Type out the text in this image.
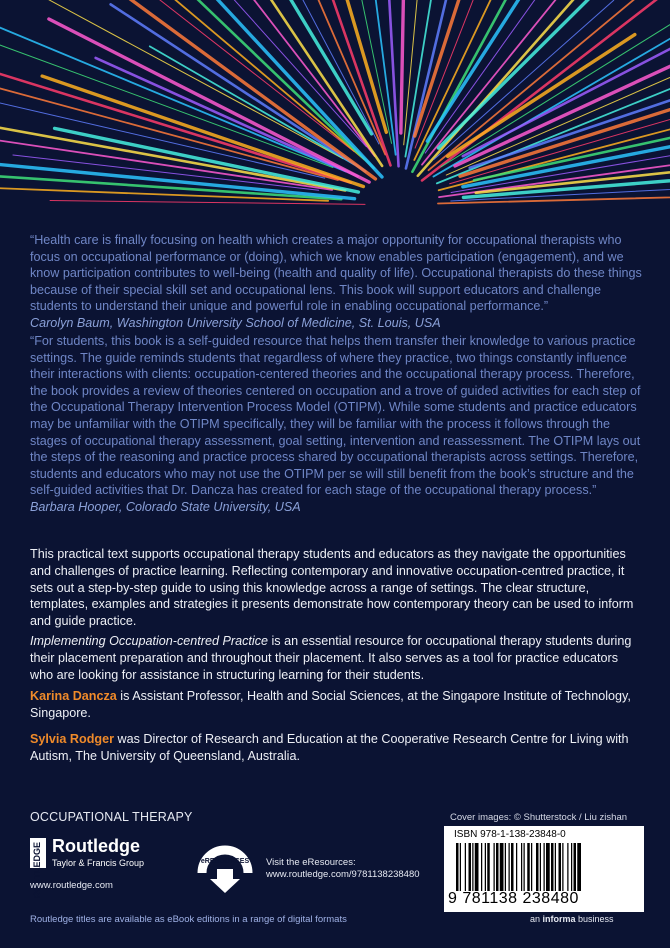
“Health care is finally focusing on health which creates a major opportunity for occupational therapists who focus on occupational performance or (doing), which we know enables participation (engagement), and we know participation contributes to well-being (health and quality of life). Occupational therapists do these things because of their special skill set and occupational lens. This book will support educators and challenge students to understand their unique and powerful role in enabling occupational performance.”
Carolyn Baum, Washington University School of Medicine, St. Louis, USA
“For students, this book is a self-guided resource that helps them transfer their knowledge to various practice settings. The guide reminds students that regardless of where they practice, two things constantly influence their interactions with clients: occupation-centered theories and the occupational therapy process. Therefore, the book provides a review of theories centered on occupation and a trove of guided activities for each step of the Occupational Therapy Intervention Process Model (OTIPM). While some students and practice educators may be unfamiliar with the OTIPM specifically, they will be familiar with the process it follows through the stages of occupational therapy assessment, goal setting, intervention and reassessment. The OTIPM lays out the steps of the reasoning and practice process shared by occupational therapists across settings. Therefore, students and educators who may not use the OTIPM per se will still benefit from the book’s structure and the self-guided activities that Dr. Dancza has created for each stage of the occupational therapy process.”
Barbara Hooper, Colorado State University, USA
This practical text supports occupational therapy students and educators as they navigate the opportunities and challenges of practice learning. Reflecting contemporary and innovative occupation-centred practice, it sets out a step-by-step guide to using this knowledge across a range of settings. The clear structure, templates, examples and strategies it presents demonstrate how contemporary theory can be used to inform and guide practice.
Implementing Occupation-centred Practice is an essential resource for occupational therapy students during their placement preparation and throughout their placement. It also serves as a tool for practice educators who are looking for assistance in structuring learning for their students.
Karina Dancza is Assistant Professor, Health and Social Sciences, at the Singapore Institute of Technology, Singapore.
Sylvia Rodger was Director of Research and Education at the Cooperative Research Centre for Living with Autism, The University of Queensland, Australia.
OCCUPATIONAL THERAPY
ROUTLEDGE Routledge
Taylor & Francis Group
www.routledge.com
eRESOURCES Visit the eResources:
www.routledge.com/9781138238480
Cover images: © Shutterstock / Liu zishan
ISBN 978-1-138-23848-0
9 781138 238480
an informa business
Routledge titles are available as eBook editions in a range of digital formats
